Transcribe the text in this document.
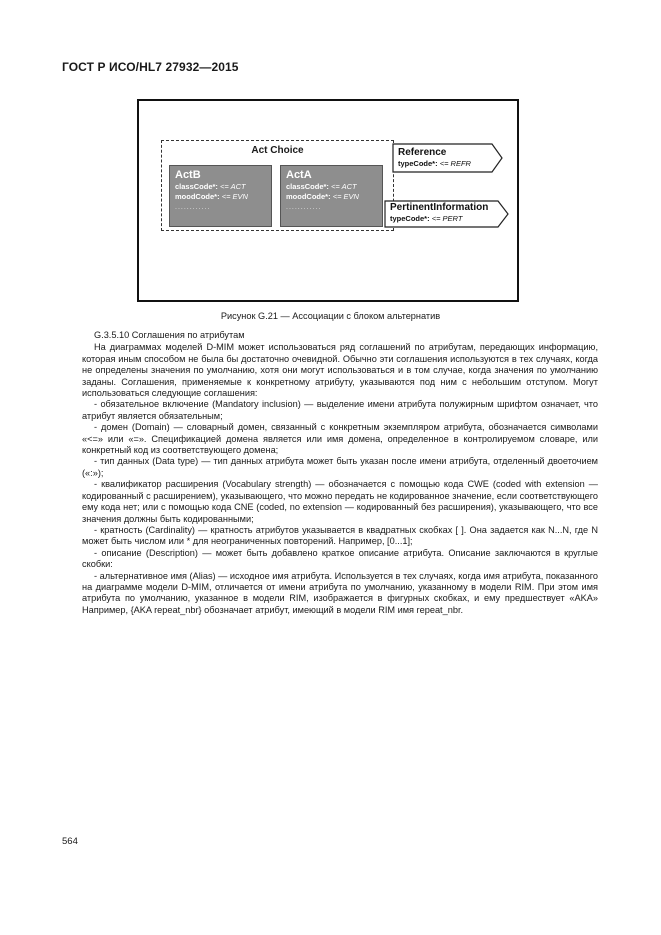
ГОСТ Р ИСО/HL7 27932—2015
Act Choice
ActB
classCode*: <= ACT
moodCode*: <= EVN
............
ActA
classCode*: <= ACT
moodCode*: <= EVN
............
Reference
typeCode*: <= REFR
PertinentInformation
typeCode*: <= PERT
Рисунок G.21 — Ассоциации с блоком альтернатив

G.3.5.10 Соглашения по атрибутам

На диаграммах моделей D-MIM может использоваться ряд соглашений по атрибутам, передающих информацию, которая иным способом не была бы достаточно очевидной. Обычно эти соглашения используются в тех случаях, когда не определены значения по умолчанию, хотя они могут использоваться и в том случае, когда значения по умолчанию заданы. Соглашения, применяемые к конкретному атрибуту, указываются под ним с небольшим отступом. Могут использоваться следующие соглашения:

- обязательное включение (Mandatory inclusion) — выделение имени атрибута полужирным шрифтом означает, что атрибут является обязательным;

- домен (Domain) — словарный домен, связанный с конкретным экземпляром атрибута, обозначается символами «<=» или «=». Спецификацией домена является или имя домена, определенное в контролируемом словаре, или конкретный код из соответствующего домена;

- тип данных (Data type) — тип данных атрибута может быть указан после имени атрибута, отделенный двоеточием («:»);

- квалификатор расширения (Vocabulary strength) — обозначается с помощью кода CWE (coded with extension — кодированный с расширением), указывающего, что можно передать не кодированное значение, если соответствующего ему кода нет; или с помощью кода CNE (coded, no extension — кодированный без расширения), указывающего, что все значения должны быть кодированными;

- кратность (Cardinality) — кратность атрибутов указывается в квадратных скобках [ ]. Она задается как N...N, где N может быть числом или * для неограниченных повторений. Например, [0...1];

- описание (Description) — может быть добавлено краткое описание атрибута. Описание заключаются в круглые скобки:

- альтернативное имя (Alias) — исходное имя атрибута. Используется в тех случаях, когда имя атрибута, показанного на диаграмме модели D-MIM, отличается от имени атрибута по умолчанию, указанному в модели RIM. При этом имя атрибута по умолчанию, указанное в модели RIM, изображается в фигурных скобках, и ему предшествует «AKA» Например, {AKA repeat_nbr} обозначает атрибут, имеющий в модели RIM имя repeat_nbr.

564
